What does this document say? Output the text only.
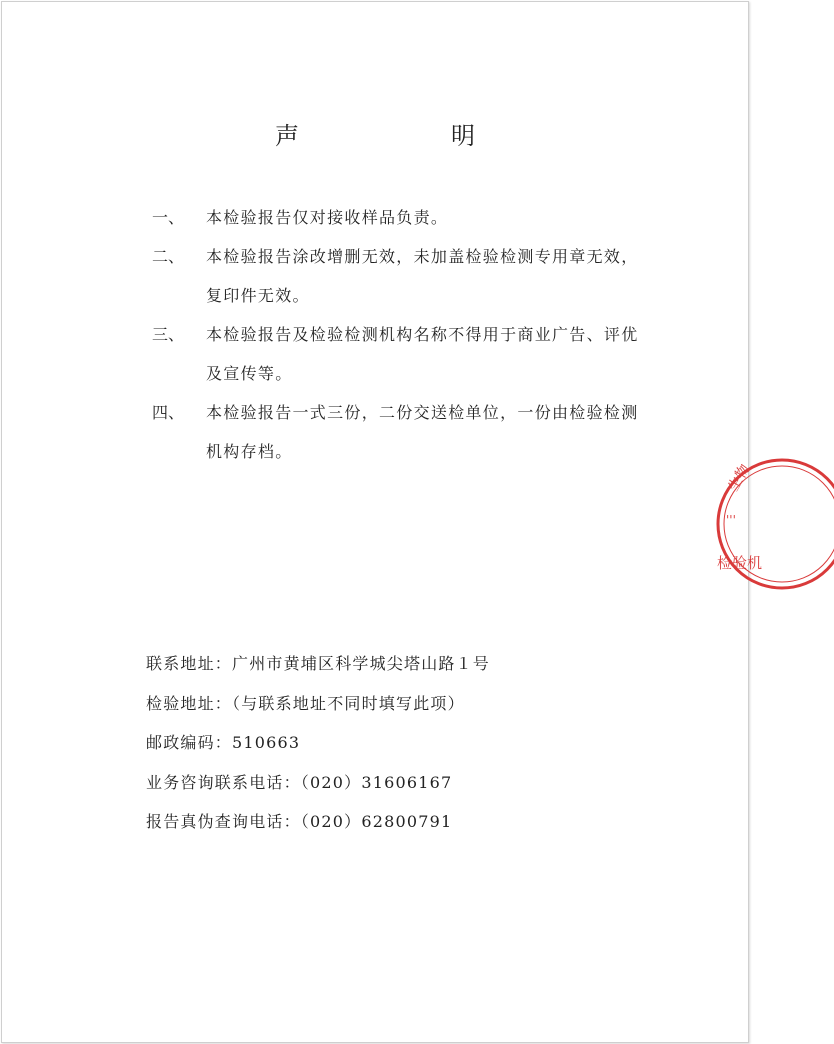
声　明
一、	本检验报告仅对接收样品负责。
二、	本检验报告涂改增删无效，未加盖检验检测专用章无效，复印件无效。
三、	本检验报告及检验检测机构名称不得用于商业广告、评优及宣传等。
四、	本检验报告一式三份，二份交送检单位，一份由检验检测机构存档。
联系地址：广州市黄埔区科学城尖塔山路１号
检验地址：（与联系地址不同时填写此项）
邮政编码：510663
业务咨询联系电话：（020）31606167
报告真伪查询电话：（020）62800791
生物
'''
检验机
